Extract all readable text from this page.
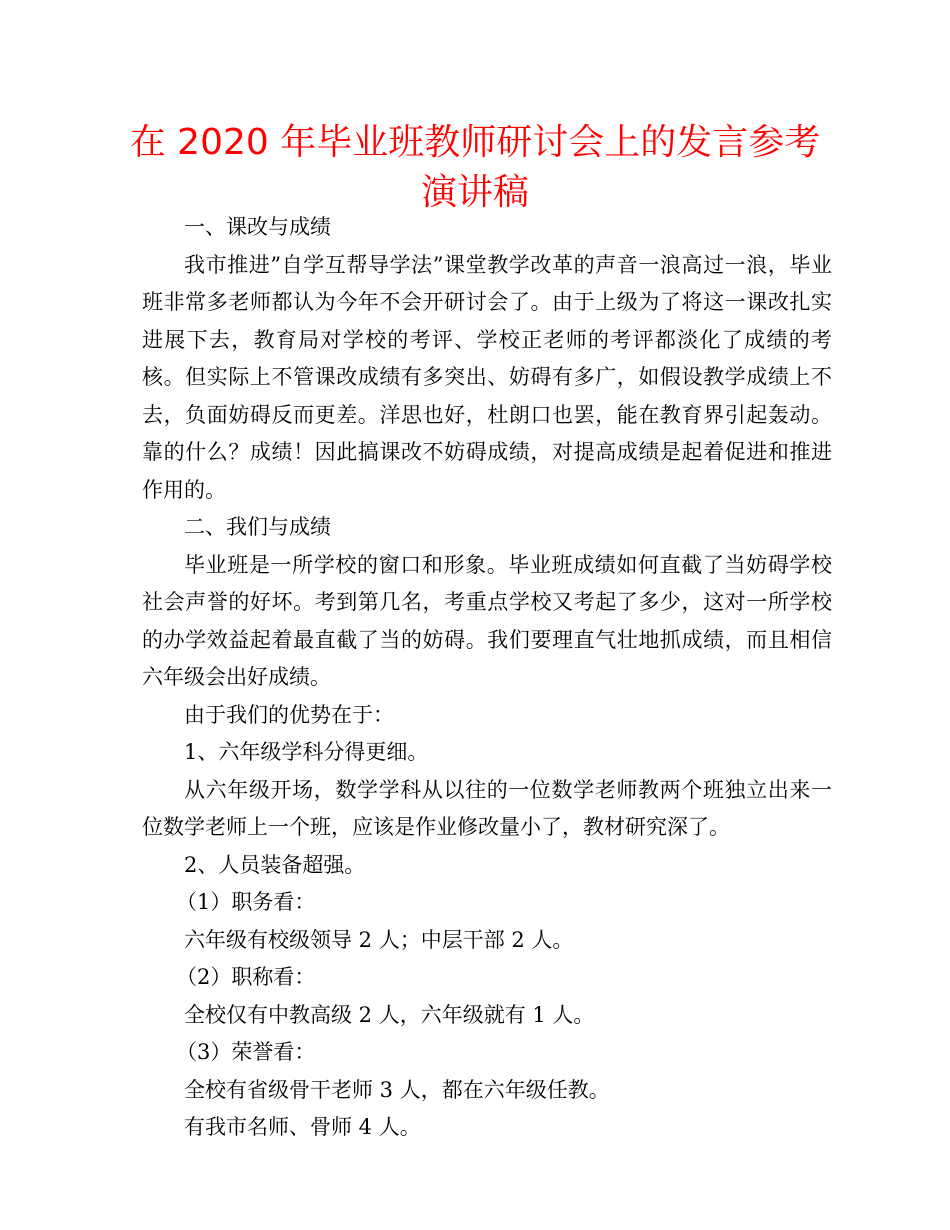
在 2020 年毕业班教师研讨会上的发言参考
演讲稿

一、课改与成绩

我市推进”自学互帮导学法”课堂教学改革的声音一浪高过一浪，毕业班非常多老师都认为今年不会开研讨会了。由于上级为了将这一课改扎实进展下去，教育局对学校的考评、学校正老师的考评都淡化了成绩的考核。但实际上不管课改成绩有多突出、妨碍有多广，如假设教学成绩上不去，负面妨碍反而更差。洋思也好，杜朗口也罢，能在教育界引起轰动。靠的什么？成绩！因此搞课改不妨碍成绩，对提高成绩是起着促进和推进作用的。

二、我们与成绩

毕业班是一所学校的窗口和形象。毕业班成绩如何直截了当妨碍学校社会声誉的好坏。考到第几名，考重点学校又考起了多少，这对一所学校的办学效益起着最直截了当的妨碍。我们要理直气壮地抓成绩，而且相信六年级会出好成绩。

由于我们的优势在于：

1、六年级学科分得更细。

从六年级开场，数学学科从以往的一位数学老师教两个班独立出来一位数学老师上一个班，应该是作业修改量小了，教材研究深了。

2、人员装备超强。

（1）职务看：

六年级有校级领导 2 人；中层干部 2 人。

（2）职称看：

全校仅有中教高级 2 人，六年级就有 1 人。

（3）荣誉看：

全校有省级骨干老师 3 人，都在六年级任教。

有我市名师、骨师 4 人。
